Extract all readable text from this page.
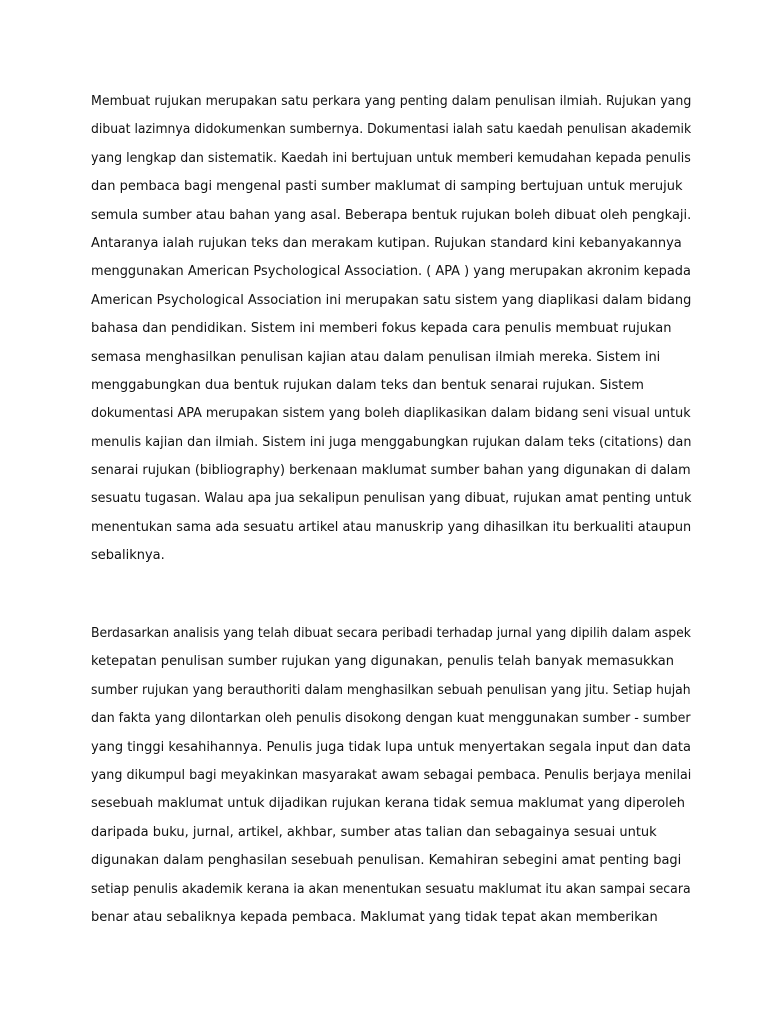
Membuat rujukan merupakan satu perkara yang penting dalam penulisan ilmiah. Rujukan yang
dibuat lazimnya didokumenkan sumbernya. Dokumentasi ialah satu kaedah penulisan akademik
yang lengkap dan sistematik. Kaedah ini bertujuan untuk memberi kemudahan kepada penulis
dan pembaca bagi mengenal pasti sumber maklumat di samping bertujuan untuk merujuk
semula sumber atau bahan yang asal. Beberapa bentuk rujukan boleh dibuat oleh pengkaji.
Antaranya ialah rujukan teks dan merakam kutipan. Rujukan standard kini kebanyakannya
menggunakan American Psychological Association. ( APA ) yang merupakan akronim kepada
American Psychological Association ini merupakan satu sistem yang diaplikasi dalam bidang
bahasa dan pendidikan. Sistem ini memberi fokus kepada cara penulis membuat rujukan
semasa menghasilkan penulisan kajian atau dalam penulisan ilmiah mereka. Sistem ini
menggabungkan dua bentuk rujukan dalam teks dan bentuk senarai rujukan. Sistem
dokumentasi APA merupakan sistem yang boleh diaplikasikan dalam bidang seni visual untuk
menulis kajian dan ilmiah. Sistem ini juga menggabungkan rujukan dalam teks (citations) dan
senarai rujukan (bibliography) berkenaan maklumat sumber bahan yang digunakan di dalam
sesuatu tugasan. Walau apa jua sekalipun penulisan yang dibuat, rujukan amat penting untuk
menentukan sama ada sesuatu artikel atau manuskrip yang dihasilkan itu berkualiti ataupun
sebaliknya.

Berdasarkan analisis yang telah dibuat secara peribadi terhadap jurnal yang dipilih dalam aspek
ketepatan penulisan sumber rujukan yang digunakan, penulis telah banyak memasukkan
sumber rujukan yang berauthoriti dalam menghasilkan sebuah penulisan yang jitu. Setiap hujah
dan fakta yang dilontarkan oleh penulis disokong dengan kuat menggunakan sumber - sumber
yang tinggi kesahihannya. Penulis juga tidak lupa untuk menyertakan segala input dan data
yang dikumpul bagi meyakinkan masyarakat awam sebagai pembaca. Penulis berjaya menilai
sesebuah maklumat untuk dijadikan rujukan kerana tidak semua maklumat yang diperoleh
daripada buku, jurnal, artikel, akhbar, sumber atas talian dan sebagainya sesuai untuk
digunakan dalam penghasilan sesebuah penulisan. Kemahiran sebegini amat penting bagi
setiap penulis akademik kerana ia akan menentukan sesuatu maklumat itu akan sampai secara
benar atau sebaliknya kepada pembaca. Maklumat yang tidak tepat akan memberikan
